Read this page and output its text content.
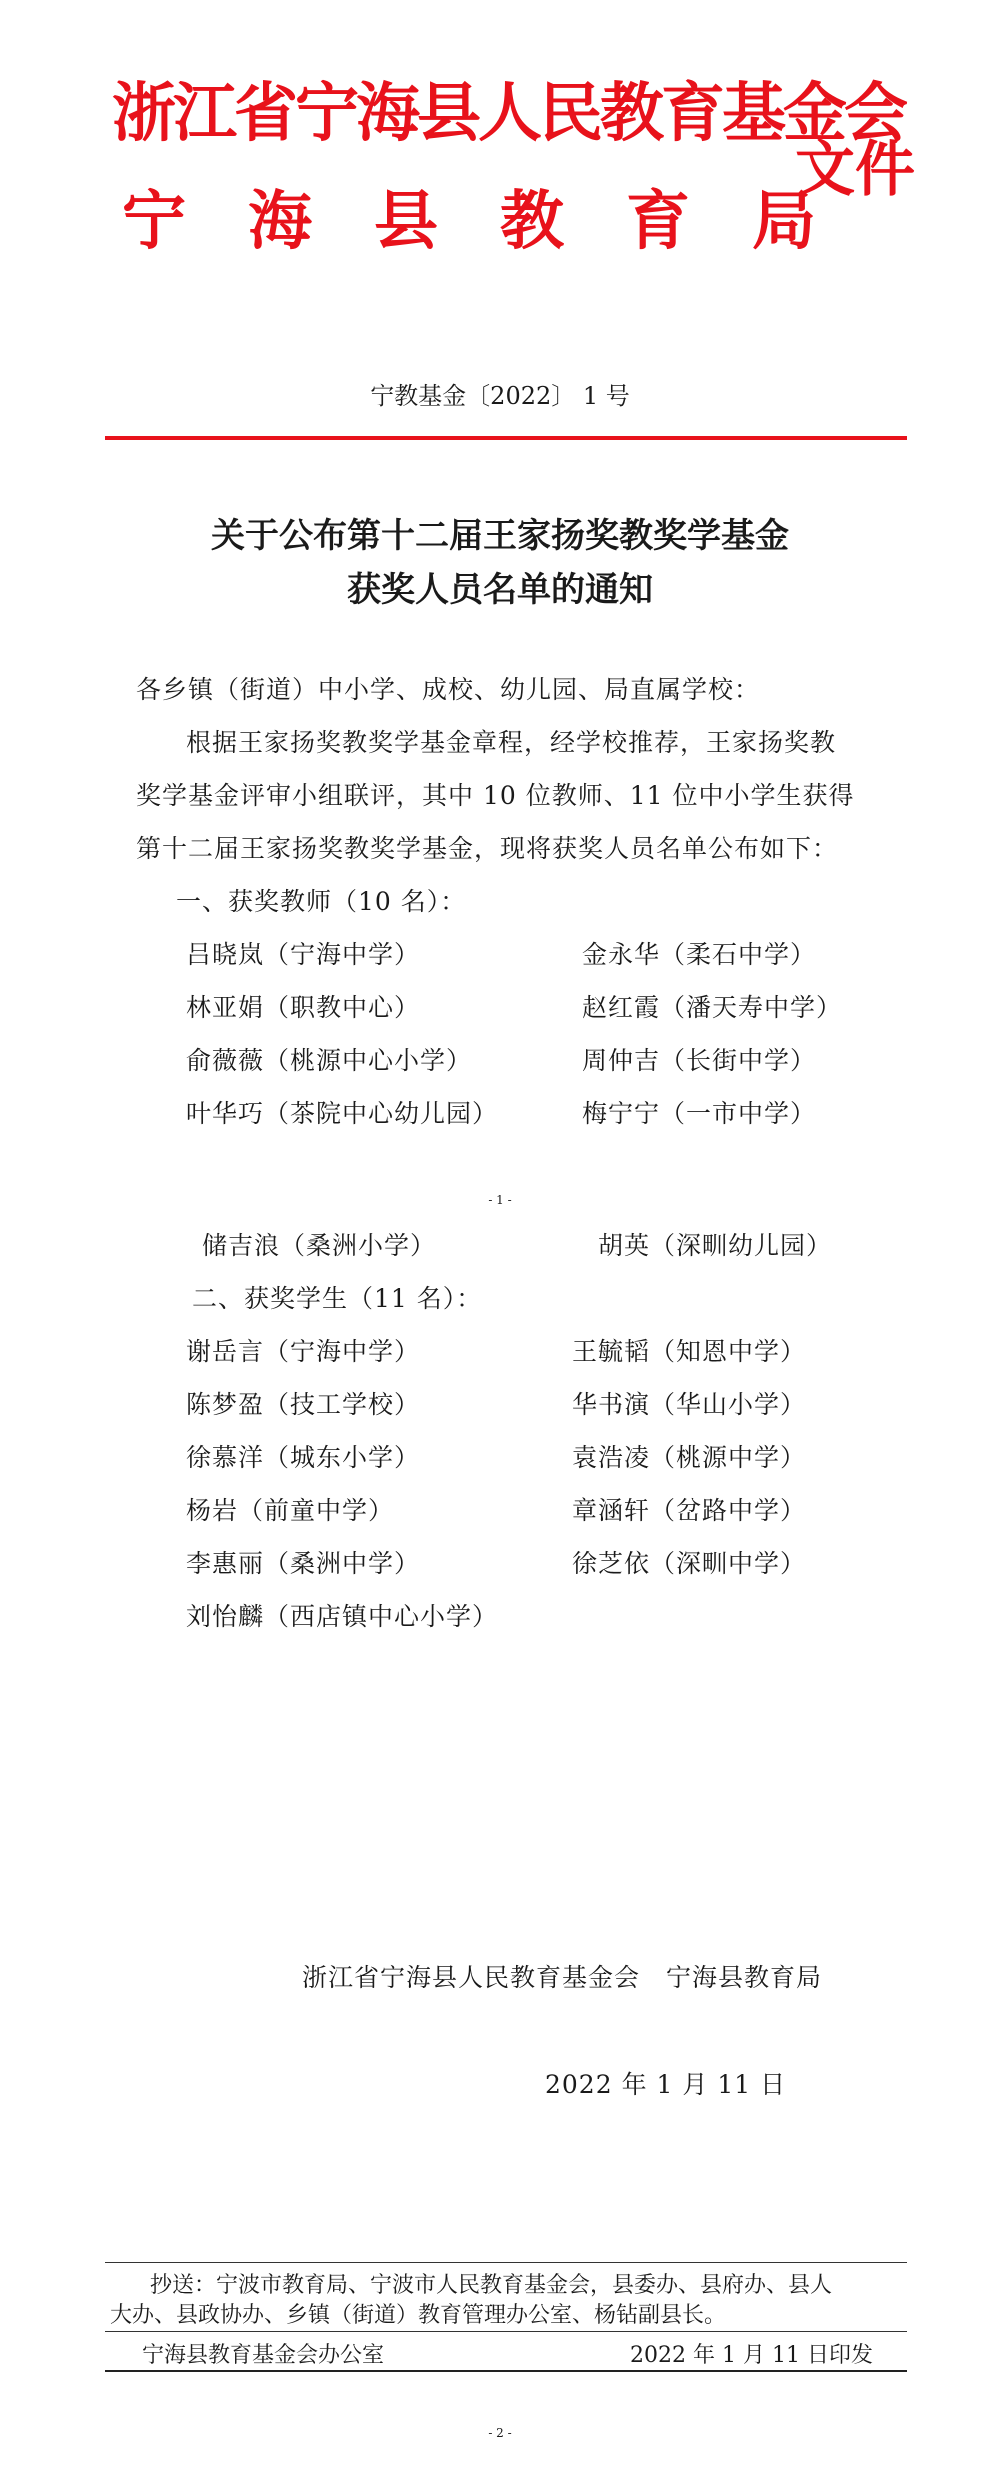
浙江省宁海县人民教育基金会
宁 海 县 教 育 局
文件
宁教基金〔2022〕 1 号
关于公布第十二届王家扬奖教奖学基金
获奖人员名单的通知
各乡镇（街道）中小学、成校、幼儿园、局直属学校：
根据王家扬奖教奖学基金章程，经学校推荐，王家扬奖教
奖学基金评审小组联评，其中 10 位教师、11 位中小学生获得
第十二届王家扬奖教奖学基金，现将获奖人员名单公布如下：
一、获奖教师（10 名）：
吕晓岚（宁海中学）	金永华（柔石中学）
林亚娟（职教中心）	赵红霞（潘天寿中学）
俞薇薇（桃源中心小学）	周仲吉（长街中学）
叶华巧（茶院中心幼儿园）	梅宁宁（一市中学）
- 1 -
储吉浪（桑洲小学）	胡英（深甽幼儿园）
二、获奖学生（11 名）：
谢岳言（宁海中学）	王毓韬（知恩中学）
陈梦盈（技工学校）	华书演（华山小学）
徐慕洋（城东小学）	袁浩凌（桃源中学）
杨岩（前童中学）	章涵轩（岔路中学）
李惠丽（桑洲中学）	徐芝依（深甽中学）
刘怡麟（西店镇中心小学）
浙江省宁海县人民教育基金会　宁海县教育局
2022 年 1 月 11 日
抄送：宁波市教育局、宁波市人民教育基金会，县委办、县府办、县人
大办、县政协办、乡镇（街道）教育管理办公室、杨钻副县长。
宁海县教育基金会办公室	2022 年 1 月 11 日印发
- 2 -
